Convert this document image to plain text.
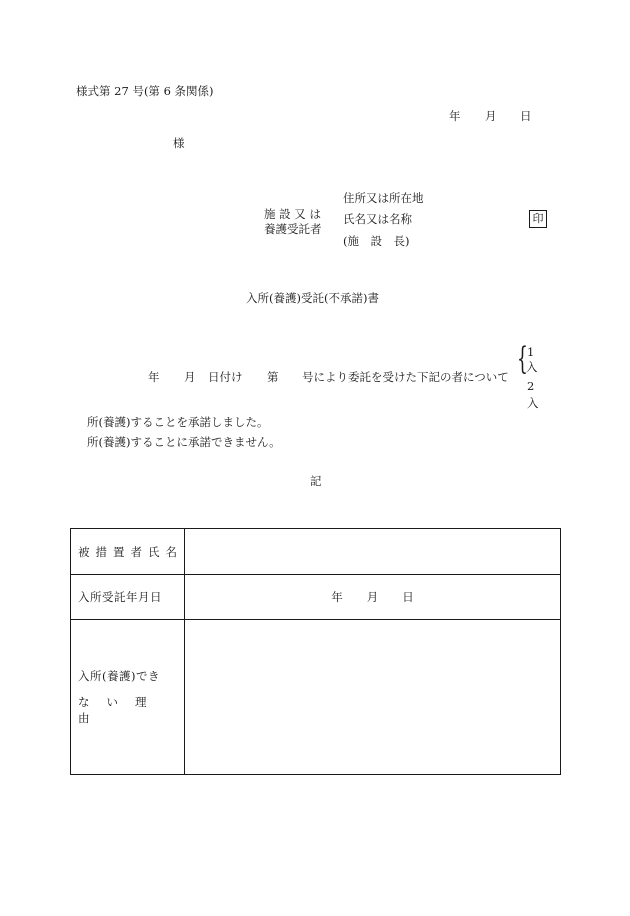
様式第 27 号(第 6 条関係)
年 月 日
様
施 設 又 は
養護受託者
住所又は所在地
氏名又は名称
(施　設　長)
印
入所(養護)受託(不承諾)書
年 月 日付け 第 号により委託を受けた下記の者について { 1
入
2
入
所(養護)することを承諾しました。
所(養護)することに承諾できません。
記
被措置者氏名	

入所受託年月日	年 月 日

入所(養護)でき
ない理由	
